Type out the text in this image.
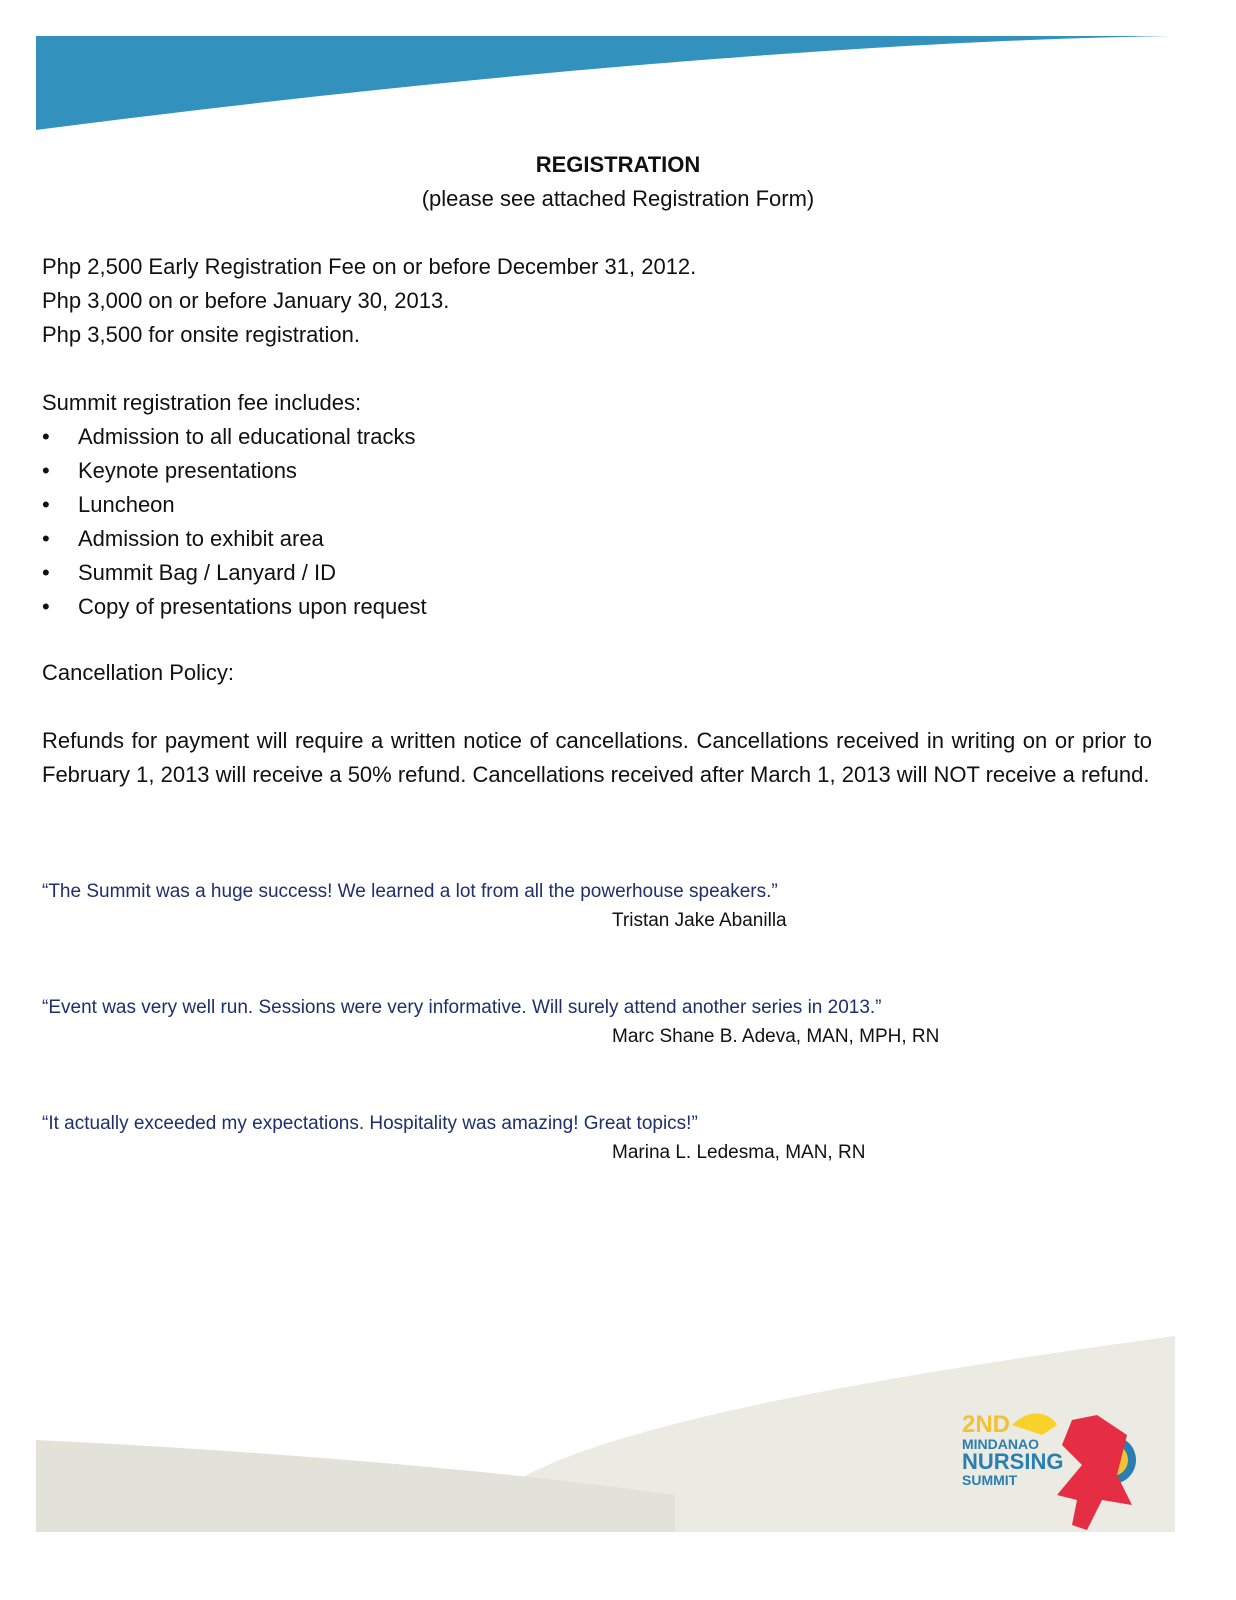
REGISTRATION
(please see attached Registration Form)
Php 2,500 Early Registration Fee on or before December 31, 2012.
Php 3,000 on or before January 30, 2013.
Php 3,500 for onsite registration.
Summit registration fee includes:
• Admission to all educational tracks
• Keynote presentations
• Luncheon
• Admission to exhibit area
• Summit Bag / Lanyard / ID
• Copy of presentations upon request
Cancellation Policy:
Refunds for payment will require a written notice of cancellations. Cancellations received in writing on or prior to February 1, 2013 will receive a 50% refund. Cancellations received after March 1, 2013 will NOT receive a refund.
“The Summit was a huge success! We learned a lot from all the powerhouse speakers.”
Tristan Jake Abanilla
“Event was very well run. Sessions were very informative. Will surely attend another series in 2013.”
Marc Shane B. Adeva, MAN, MPH, RN
“It actually exceeded my expectations. Hospitality was amazing! Great topics!”
Marina L. Ledesma, MAN, RN
2ND
MINDANAO
NURSING
SUMMIT
